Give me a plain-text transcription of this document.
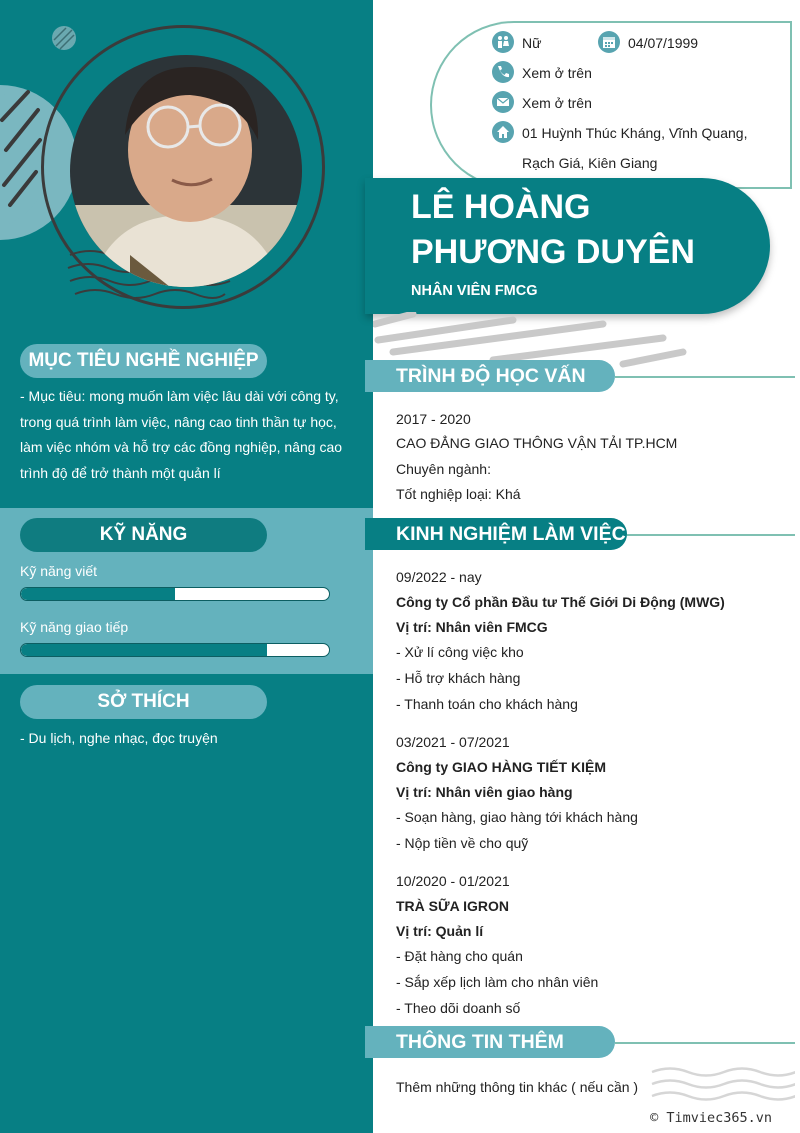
MỤC TIÊU NGHỀ NGHIỆP
- Mục tiêu: mong muốn làm việc lâu dài với công ty,
trong quá trình làm việc, nâng cao tinh thần tự học,
làm việc nhóm và hỗ trợ các đồng nghiệp, nâng cao
trình độ để trở thành một quản lí
KỸ NĂNG
Kỹ năng viết
Kỹ năng giao tiếp
SỞ THÍCH
- Du lịch, nghe nhạc, đọc truyện
Nữ	04/07/1999
Xem ở trên
Xem ở trên
01 Huỳnh Thúc Kháng, Vĩnh Quang,
Rạch Giá, Kiên Giang
LÊ HOÀNG
PHƯƠNG DUYÊN
NHÂN VIÊN FMCG
TRÌNH ĐỘ HỌC VẤN
2017 - 2020
CAO ĐẲNG GIAO THÔNG VẬN TẢI TP.HCM
Chuyên ngành:
Tốt nghiệp loại: Khá
KINH NGHIỆM LÀM VIỆC
09/2022 - nay
Công ty Cổ phần Đầu tư Thế Giới Di Động (MWG)
Vị trí: Nhân viên FMCG
- Xử lí công việc kho
- Hỗ trợ khách hàng
- Thanh toán cho khách hàng
03/2021 - 07/2021
Công ty GIAO HÀNG TIẾT KIỆM
Vị trí: Nhân viên giao hàng
- Soạn hàng, giao hàng tới khách hàng
- Nộp tiền về cho quỹ
10/2020 - 01/2021
TRÀ SỮA IGRON
Vị trí: Quản lí
- Đặt hàng cho quán
- Sắp xếp lịch làm cho nhân viên
- Theo dõi doanh số
THÔNG TIN THÊM
Thêm những thông tin khác ( nếu cần )
© Timviec365.vn
